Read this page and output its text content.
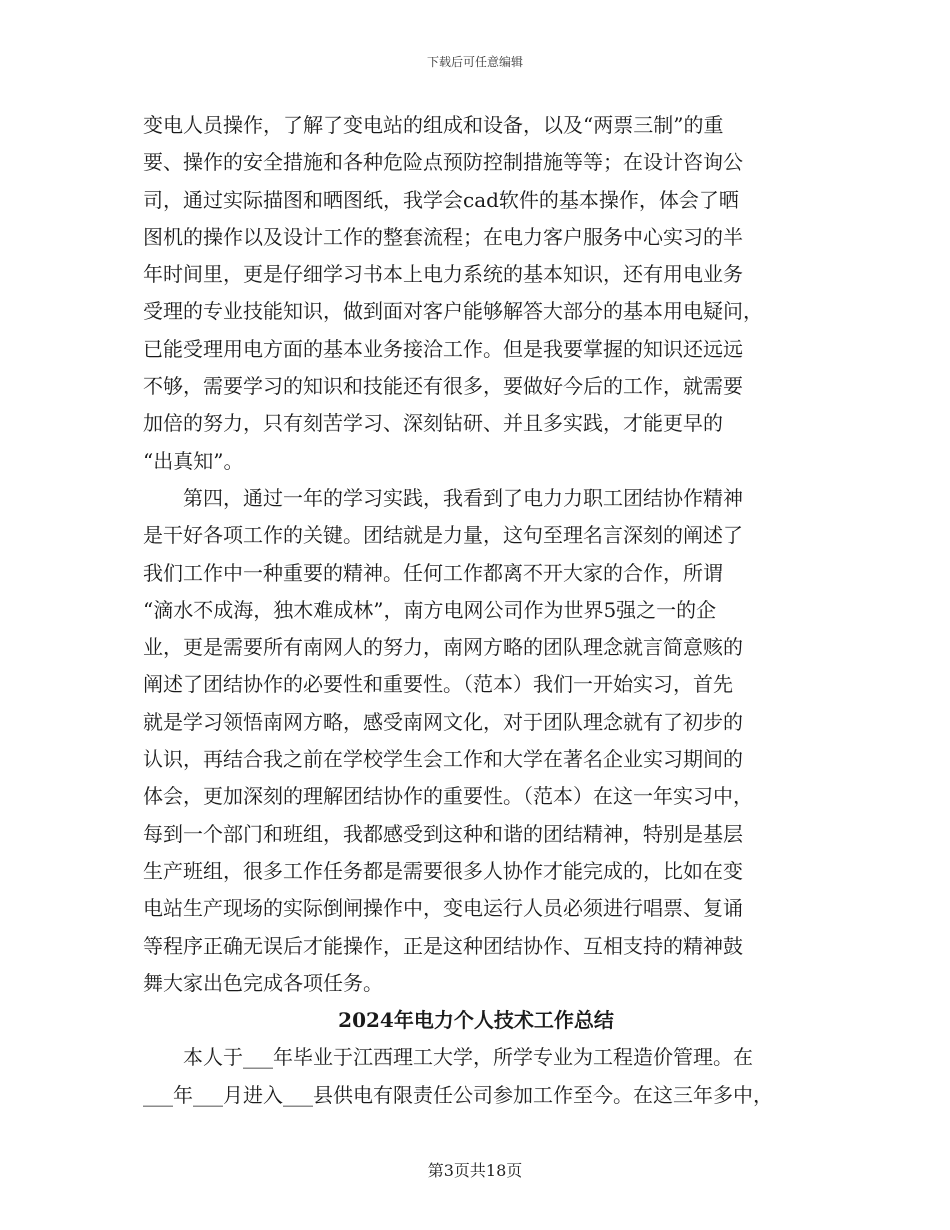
下载后可任意编辑
变电人员操作，了解了变电站的组成和设备，以及“两票三制”的重
要、操作的安全措施和各种危险点预防控制措施等等；在设计咨询公
司，通过实际描图和晒图纸，我学会cad软件的基本操作，体会了晒
图机的操作以及设计工作的整套流程；在电力客户服务中心实习的半
年时间里，更是仔细学习书本上电力系统的基本知识，还有用电业务
受理的专业技能知识，做到面对客户能够解答大部分的基本用电疑问，
已能受理用电方面的基本业务接洽工作。但是我要掌握的知识还远远
不够，需要学习的知识和技能还有很多，要做好今后的工作，就需要
加倍的努力，只有刻苦学习、深刻钻研、并且多实践，才能更早的
“出真知”。
　　第四，通过一年的学习实践，我看到了电力力职工团结协作精神
是干好各项工作的关键。团结就是力量，这句至理名言深刻的阐述了
我们工作中一种重要的精神。任何工作都离不开大家的合作，所谓
“滴水不成海，独木难成林”，南方电网公司作为世界5强之一的企
业，更是需要所有南网人的努力，南网方略的团队理念就言简意赅的
阐述了团结协作的必要性和重要性。（范本）我们一开始实习，首先
就是学习领悟南网方略，感受南网文化，对于团队理念就有了初步的
认识，再结合我之前在学校学生会工作和大学在著名企业实习期间的
体会，更加深刻的理解团结协作的重要性。（范本）在这一年实习中，
每到一个部门和班组，我都感受到这种和谐的团结精神，特别是基层
生产班组，很多工作任务都是需要很多人协作才能完成的，比如在变
电站生产现场的实际倒闸操作中，变电运行人员必须进行唱票、复诵
等程序正确无误后才能操作，正是这种团结协作、互相支持的精神鼓
舞大家出色完成各项任务。
2024年电力个人技术工作总结
　　本人于___年毕业于江西理工大学，所学专业为工程造价管理。在
___年___月进入___县供电有限责任公司参加工作至今。在这三年多中，
第3页共18页
